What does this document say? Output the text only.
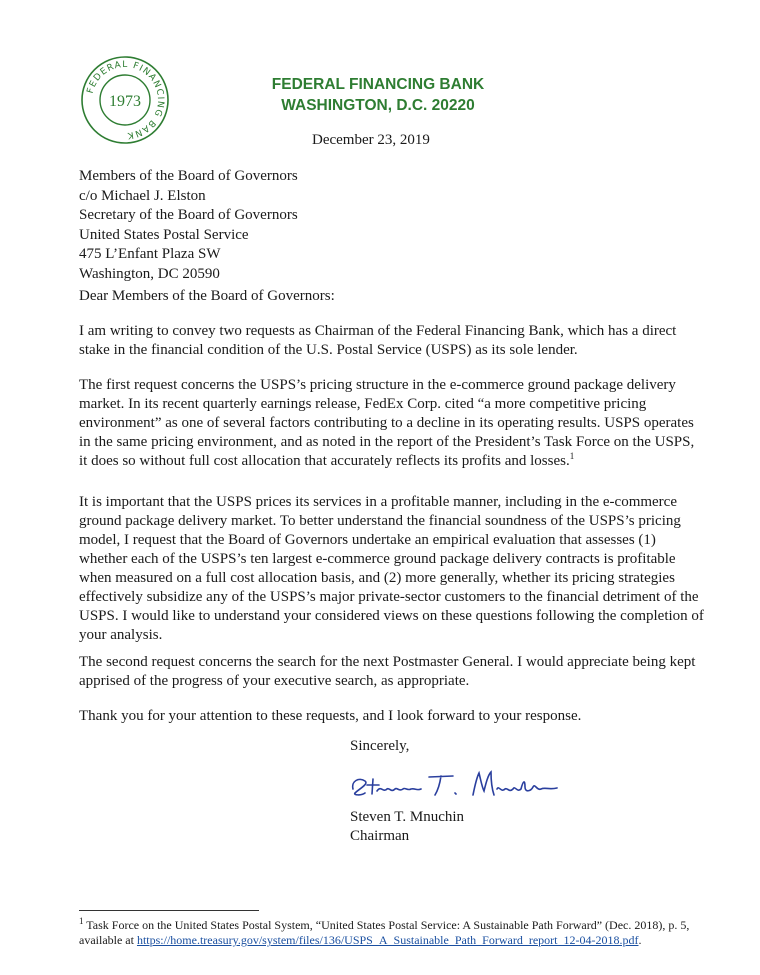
FEDERAL FINANCING BANK
1973
FEDERAL FINANCING BANK
WASHINGTON, D.C. 20220
December 23, 2019
Members of the Board of Governors
c/o Michael J. Elston
Secretary of the Board of Governors
United States Postal Service
475 L’Enfant Plaza SW
Washington, DC 20590
Dear Members of the Board of Governors:

I am writing to convey two requests as Chairman of the Federal Financing Bank, which has a direct stake in the financial condition of the U.S. Postal Service (USPS) as its sole lender.

The first request concerns the USPS’s pricing structure in the e-commerce ground package delivery market. In its recent quarterly earnings release, FedEx Corp. cited “a more competitive pricing environment” as one of several factors contributing to a decline in its operating results. USPS operates in the same pricing environment, and as noted in the report of the President’s Task Force on the USPS, it does so without full cost allocation that accurately reflects its profits and losses.$^1$

It is important that the USPS prices its services in a profitable manner, including in the e-commerce ground package delivery market. To better understand the financial soundness of the USPS’s pricing model, I request that the Board of Governors undertake an empirical evaluation that assesses (1) whether each of the USPS’s ten largest e-commerce ground package delivery contracts is profitable when measured on a full cost allocation basis, and (2) more generally, whether its pricing strategies effectively subsidize any of the USPS’s major private-sector customers to the financial detriment of the USPS. I would like to understand your considered views on these questions following the completion of your analysis.

The second request concerns the search for the next Postmaster General. I would appreciate being kept apprised of the progress of your executive search, as appropriate.

Thank you for your attention to these requests, and I look forward to your response.

Sincerely,
Steven T. Mnuchin
Chairman

$^1$ Task Force on the United States Postal System, “United States Postal Service: A Sustainable Path Forward” (Dec. 2018), p. 5, available at https://home.treasury.gov/system/files/136/USPS_A_Sustainable_Path_Forward_report_12-04-2018.pdf.
